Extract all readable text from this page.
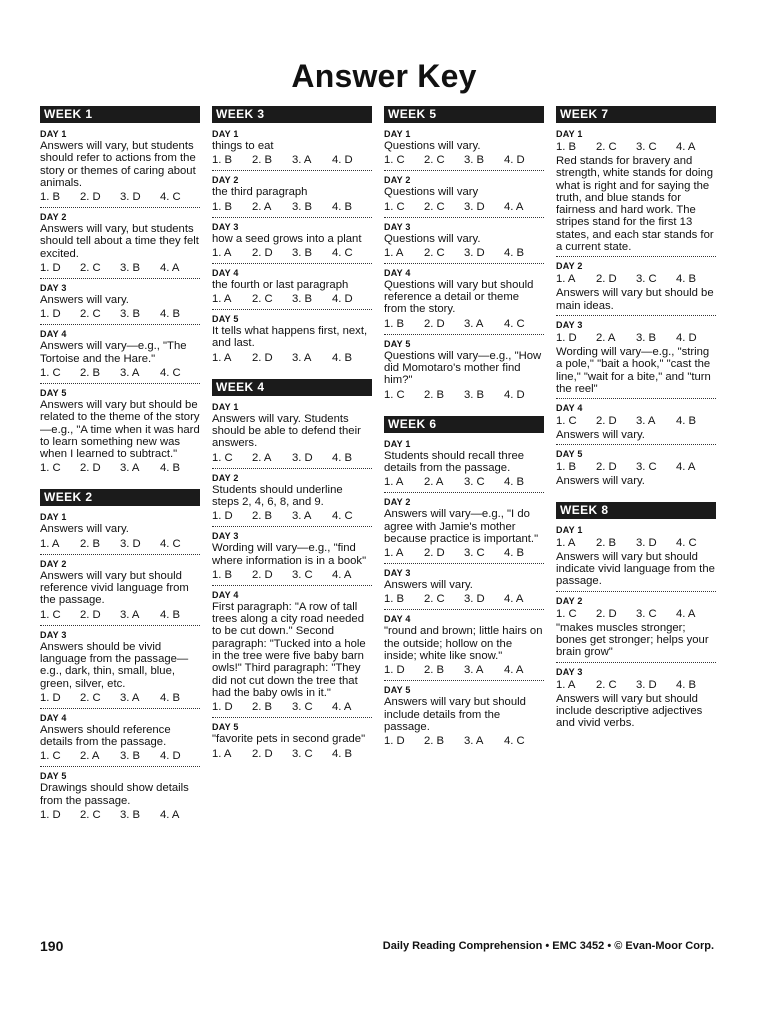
Answer Key
WEEK 1
DAY 1
Answers will vary, but students should refer to actions from the story or themes of caring about animals.
1. B	2. D	3. D	4. C
DAY 2
Answers will vary, but students should tell about a time they felt excited.
1. D	2. C	3. B	4. A
DAY 3
Answers will vary.
1. D	2. C	3. B	4. B
DAY 4
Answers will vary—e.g., "The Tortoise and the Hare."
1. C	2. B	3. A	4. C
DAY 5
Answers will vary but should be related to the theme of the story—e.g., "A time when it was hard to learn something new was when I learned to subtract."
1. C	2. D	3. A	4. B
WEEK 2
DAY 1
Answers will vary.
1. A	2. B	3. D	4. C
DAY 2
Answers will vary but should reference vivid language from the passage.
1. C	2. D	3. A	4. B
DAY 3
Answers should be vivid language from the passage—e.g., dark, thin, small, blue, green, silver, etc.
1. D	2. C	3. A	4. B
DAY 4
Answers should reference details from the passage.
1. C	2. A	3. B	4. D
DAY 5
Drawings should show details from the passage.
1. D	2. C	3. B	4. A
WEEK 3
DAY 1
things to eat
1. B	2. B	3. A	4. D
DAY 2
the third paragraph
1. B	2. A	3. B	4. B
DAY 3
how a seed grows into a plant
1. A	2. D	3. B	4. C
DAY 4
the fourth or last paragraph
1. A	2. C	3. B	4. D
DAY 5
It tells what happens first, next, and last.
1. A	2. D	3. A	4. B
WEEK 4
DAY 1
Answers will vary. Students should be able to defend their answers.
1. C	2. A	3. D	4. B
DAY 2
Students should underline steps 2, 4, 6, 8, and 9.
1. D	2. B	3. A	4. C
DAY 3
Wording will vary—e.g., "find where information is in a book"
1. B	2. D	3. C	4. A
DAY 4
First paragraph: "A row of tall trees along a city road needed to be cut down." Second paragraph: "Tucked into a hole in the tree were five baby barn owls!" Third paragraph: "They did not cut down the tree that had the baby owls in it."
1. D	2. B	3. C	4. A
DAY 5
"favorite pets in second grade"
1. A	2. D	3. C	4. B
WEEK 5
DAY 1
Questions will vary.
1. C	2. C	3. B	4. D
DAY 2
Questions will vary
1. C	2. C	3. D	4. A
DAY 3
Questions will vary.
1. A	2. C	3. D	4. B
DAY 4
Questions will vary but should reference a detail or theme from the story.
1. B	2. D	3. A	4. C
DAY 5
Questions will vary—e.g., "How did Momotaro's mother find him?"
1. C	2. B	3. B	4. D
WEEK 6
DAY 1
Students should recall three details from the passage.
1. A	2. A	3. C	4. B
DAY 2
Answers will vary—e.g., "I do agree with Jamie's mother because practice is important."
1. A	2. D	3. C	4. B
DAY 3
Answers will vary.
1. B	2. C	3. D	4. A
DAY 4
"round and brown; little hairs on the outside; hollow on the inside; white like snow."
1. D	2. B	3. A	4. A
DAY 5
Answers will vary but should include details from the passage.
1. D	2. B	3. A	4. C
WEEK 7
DAY 1
1. B	2. C	3. C	4. A
Red stands for bravery and strength, white stands for doing what is right and for saying the truth, and blue stands for fairness and hard work. The stripes stand for the first 13 states, and each star stands for a current state.
DAY 2
1. A	2. D	3. C	4. B
Answers will vary but should be main ideas.
DAY 3
1. D	2. A	3. B	4. D
Wording will vary—e.g., "string a pole," "bait a hook," "cast the line," "wait for a bite," and "turn the reel"
DAY 4
1. C	2. D	3. A	4. B
Answers will vary.
DAY 5
1. B	2. D	3. C	4. A
Answers will vary.
WEEK 8
DAY 1
1. A	2. B	3. D	4. C
Answers will vary but should indicate vivid language from the passage.
DAY 2
1. C	2. D	3. C	4. A
"makes muscles stronger; bones get stronger; helps your brain grow"
DAY 3
1. A	2. C	3. D	4. B
Answers will vary but should include descriptive adjectives and vivid verbs.
190	Daily Reading Comprehension • EMC 3452 • © Evan-Moor Corp.
